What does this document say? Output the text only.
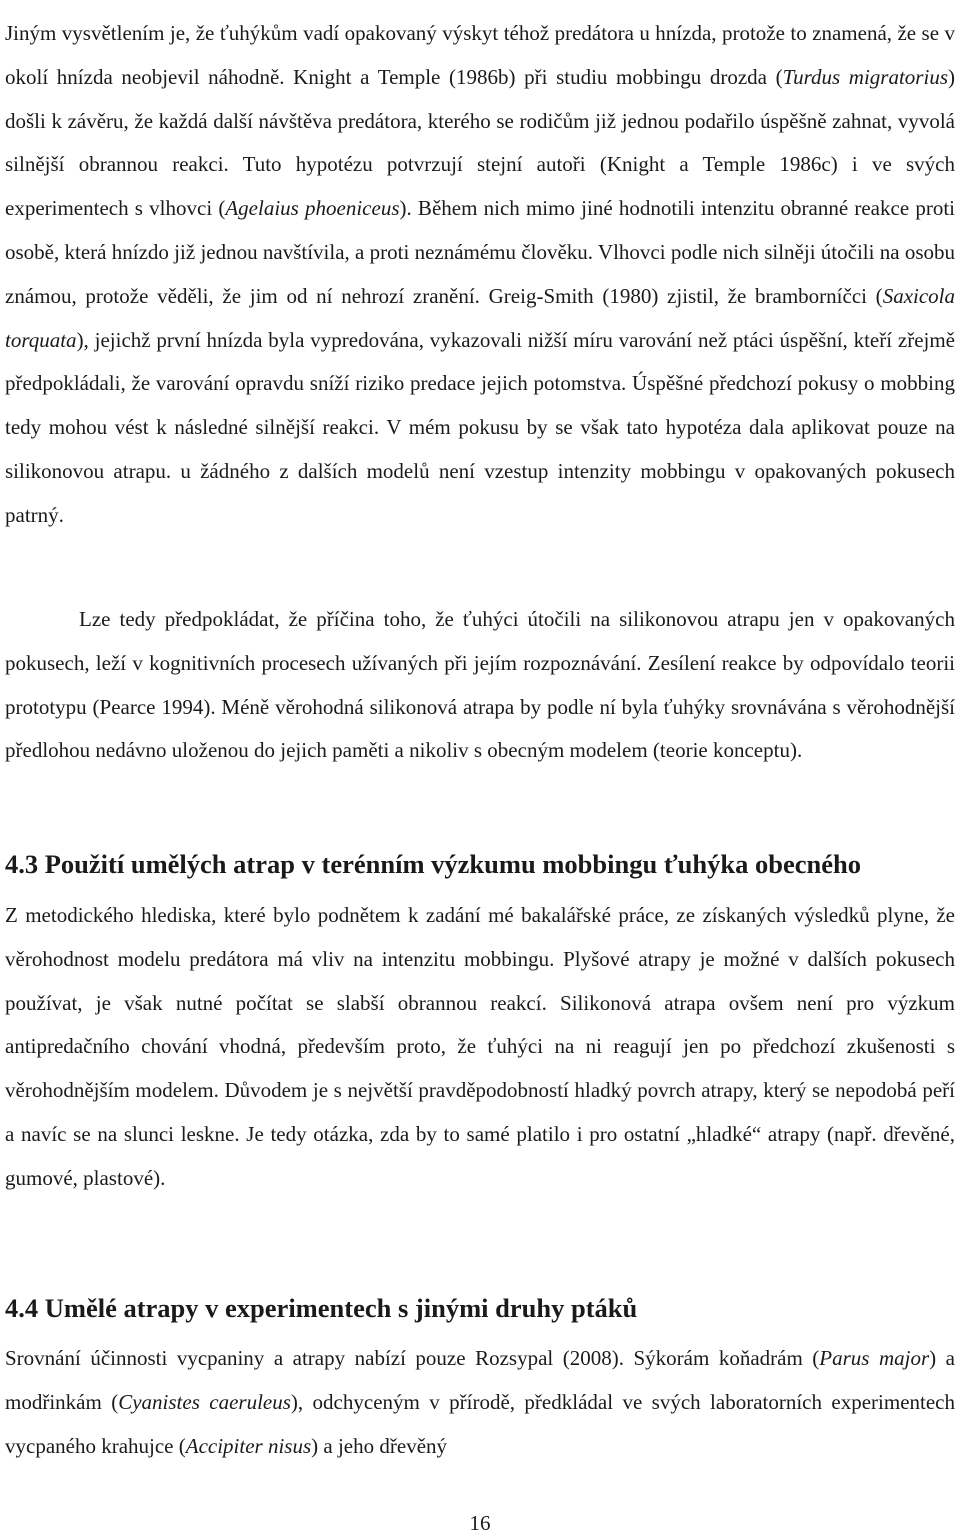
Jiným vysvětlením je, že ťuhýkům vadí opakovaný výskyt téhož predátora u hnízda, protože to znamená, že se v okolí hnízda neobjevil náhodně. Knight a Temple (1986b) při studiu mobbingu drozda (Turdus migratorius) došli k závěru, že každá další návštěva predátora, kterého se rodičům již jednou podařilo úspěšně zahnat, vyvolá silnější obrannou reakci. Tuto hypotézu potvrzují stejní autoři (Knight a Temple 1986c) i ve svých experimentech s vlhovci (Agelaius phoeniceus). Během nich mimo jiné hodnotili intenzitu obranné reakce proti osobě, která hnízdo již jednou navštívila, a proti neznámému člověku. Vlhovci podle nich silněji útočili na osobu známou, protože věděli, že jim od ní nehrozí zranění. Greig-Smith (1980) zjistil, že bramborníčci (Saxicola torquata), jejichž první hnízda byla vypredována, vykazovali nižší míru varování než ptáci úspěšní, kteří zřejmě předpokládali, že varování opravdu sníží riziko predace jejich potomstva. Úspěšné předchozí pokusy o mobbing tedy mohou vést k následné silnější reakci. V mém pokusu by se však tato hypotéza dala aplikovat pouze na silikonovou atrapu. u žádného z dalších modelů není vzestup intenzity mobbingu v opakovaných pokusech patrný.

Lze tedy předpokládat, že příčina toho, že ťuhýci útočili na silikonovou atrapu jen v opakovaných pokusech, leží v kognitivních procesech užívaných při jejím rozpoznávání. Zesílení reakce by odpovídalo teorii prototypu (Pearce 1994). Méně věrohodná silikonová atrapa by podle ní byla ťuhýky srovnávána s věrohodnější předlohou nedávno uloženou do jejich paměti a nikoliv s obecným modelem (teorie konceptu).

4.3 Použití umělých atrap v terénním výzkumu mobbingu ťuhýka obecného

Z metodického hlediska, které bylo podnětem k zadání mé bakalářské práce, ze získaných výsledků plyne, že věrohodnost modelu predátora má vliv na intenzitu mobbingu. Plyšové atrapy je možné v dalších pokusech používat, je však nutné počítat se slabší obrannou reakcí. Silikonová atrapa ovšem není pro výzkum antipredačního chování vhodná, především proto, že ťuhýci na ni reagují jen po předchozí zkušenosti s věrohodnějším modelem. Důvodem je s největší pravděpodobností hladký povrch atrapy, který se nepodobá peří a navíc se na slunci leskne. Je tedy otázka, zda by to samé platilo i pro ostatní „hladké“ atrapy (např. dřevěné, gumové, plastové).

4.4 Umělé atrapy v experimentech s jinými druhy ptáků

Srovnání účinnosti vycpaniny a atrapy nabízí pouze Rozsypal (2008). Sýkorám koňadrám (Parus major) a modřinkám (Cyanistes caeruleus), odchyceným v přírodě, předkládal ve svých laboratorních experimentech vycpaného krahujce (Accipiter nisus) a jeho dřevěný

16
